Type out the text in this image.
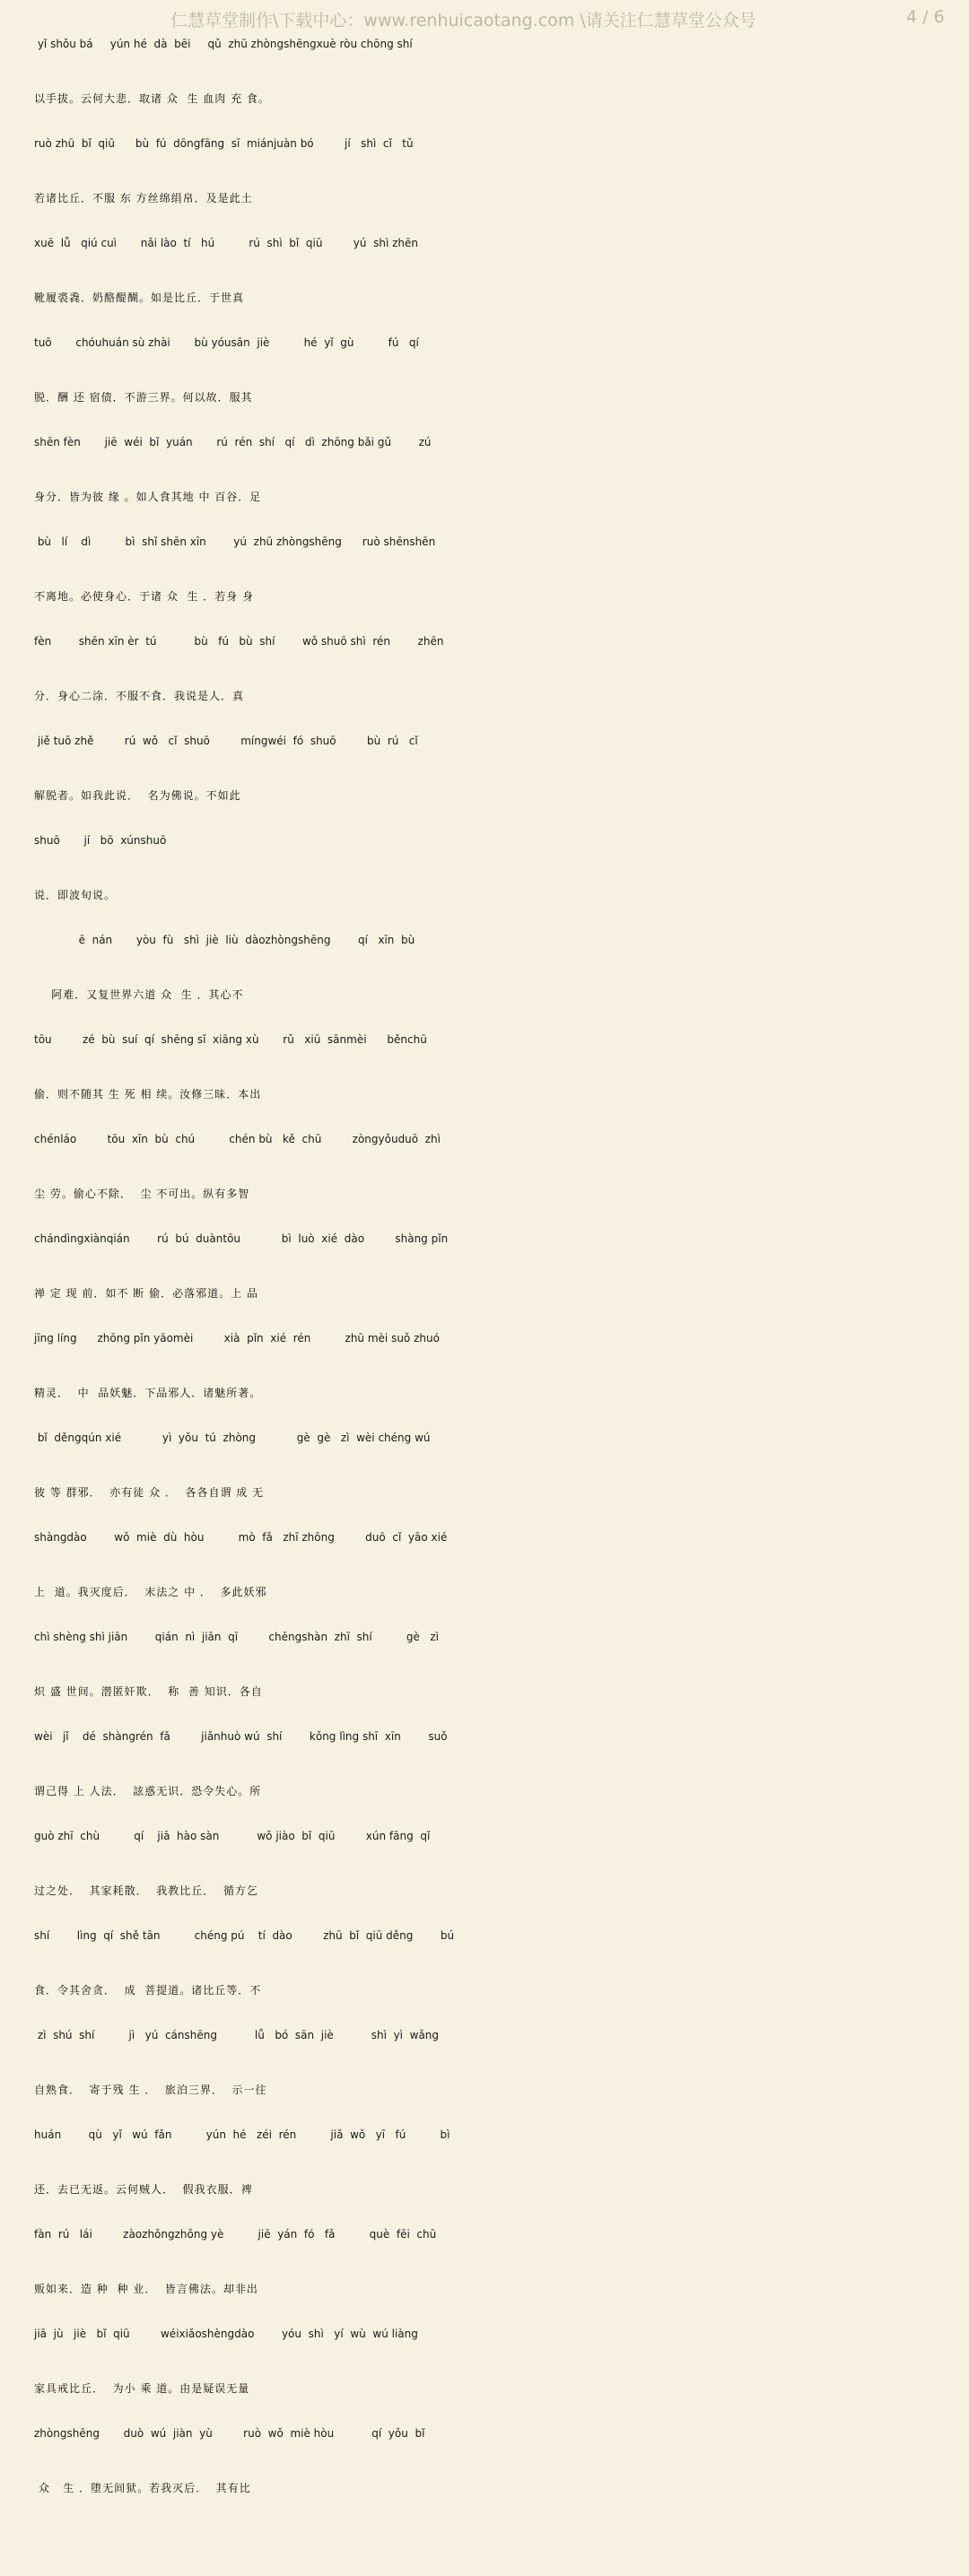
仁慧草堂制作\下载中心：www.renhuicaotang.com \请关注仁慧草堂公众号	4 / 6
yǐ shǒu bá     yún hé  dà  bēi     qǔ  zhū zhòngshēngxuè ròu chōng shí
以手拔。云何大悲．取诸 众  生 血肉 充 食。
ruò zhū  bǐ  qiū      bù  fú  dōngfāng  sī  miánjuàn bó         jí   shì  cǐ   tǔ
若诸比丘．不服 东 方丝绵绢帛．及是此土
xuē  lǚ   qiú cuì       nǎi lào  tí   hú          rú  shì  bǐ  qiū         yú  shì zhēn
靴履裘毳．奶酪醍醐。如是比丘．于世真
tuō       chóuhuán sù zhài       bù yóusān  jiè          hé  yǐ  gù          fú   qí
脱．酬 还 宿债．不游三界。何以故．服其
shēn fèn       jiē  wéi  bǐ  yuán       rú  rén  shí   qí   dì  zhōng bǎi gǔ        zú
身分．皆为彼 缘 。如人食其地 中 百谷．足
bù   lí    dì          bì  shǐ shēn xīn        yú  zhū zhòngshēng      ruò shēnshēn
不离地。必使身心．于诸 众  生 ．若身 身
fèn        shēn xīn èr  tú           bù   fú   bù  shí        wǒ shuō shì  rén        zhēn
分．身心二涂．不服不食．我说是人．真
jiě tuō zhě         rú  wǒ   cǐ  shuō         míngwéi  fó  shuō         bù  rú   cǐ
解脱者。如我此说．  名为佛说。不如此
shuō       jí   bō  xúnshuō
说．即波旬说。
ē  nán       yòu  fù   shì  jiè  liù  dàozhòngshēng        qí   xīn  bù
阿难．又复世界六道 众  生 ．其心不
tōu         zé  bù  suí  qí  shēng sǐ  xiāng xù       rǔ   xiū  sānmèi      běnchū
偷．则不随其 生 死 相 续。汝修三昧．本出
chénláo         tōu  xīn  bù  chú          chén bù   kě  chū         zòngyǒuduō  zhì
尘 劳。偷心不除．  尘 不可出。纵有多智
chándìngxiànqián        rú  bú  duàntōu            bì  luò  xié  dào         shàng pǐn
禅 定 现 前．如不 断 偷．必落邪道。上 品
jīng líng      zhōng pǐn yāomèi         xià  pǐn  xié  rén          zhū mèi suǒ zhuó
精灵．  中  品妖魅．下品邪人．诸魅所著。
bǐ  děngqún xié            yì  yǒu  tú  zhòng            gè  gè   zì  wèi chéng wú
彼 等 群邪．  亦有徒 众 ．  各各自谓 成 无
shàngdào        wǒ  miè  dù  hòu          mò  fǎ   zhī zhōng         duō  cǐ  yāo xié
上  道。我灭度后．  末法之 中 ．  多此妖邪
chì shèng shì jiān        qián  nì  jiān  qī         chēngshàn  zhī  shí          gè   zì
炽 盛 世间。潜匿奸欺．  称  善 知识．各自
wèi   jǐ    dé  shàngrén  fǎ         jiǎnhuò wú  shí        kǒng lìng shī  xīn        suǒ
谓己得 上 人法．  詃惑无识．恐令失心。所
guò zhī  chù          qí    jiā  hào sàn           wǒ jiào  bǐ  qiū         xún fāng  qǐ
过之处．  其家耗散．  我教比丘．  循方乞
shí        lìng  qí  shě tān          chéng pú    tí  dào         zhū  bǐ  qiū děng        bú
食．令其舍贪．  成  菩提道。诸比丘等．不
zì  shú  shí          jì   yú  cánshēng           lǚ   bó  sān  jiè           shì  yì  wǎng
自熟食．  寄于残 生 ．  旅泊三界．  示一往
huán        qù   yǐ   wú  fǎn          yún  hé   zéi  rén          jiǎ  wǒ   yī   fú          bì
还．去已无返。云何贼人．  假我衣服．裨
fàn  rú   lái         zàozhǒngzhǒng yè          jiē  yán  fó   fǎ          què  fēi  chū
贩如来．造 种  种 业．  皆言佛法。却非出
jiā  jù   jiè   bǐ  qiū         wéixiǎoshèngdào        yóu  shì   yí  wù  wú liàng
家具戒比丘．  为小 乘 道。由是疑误无量
zhòngshēng       duò  wú  jiàn  yù         ruò  wǒ  miè hòu           qí  yǒu  bǐ
众   生 ．堕无间狱。若我灭后．  其有比
